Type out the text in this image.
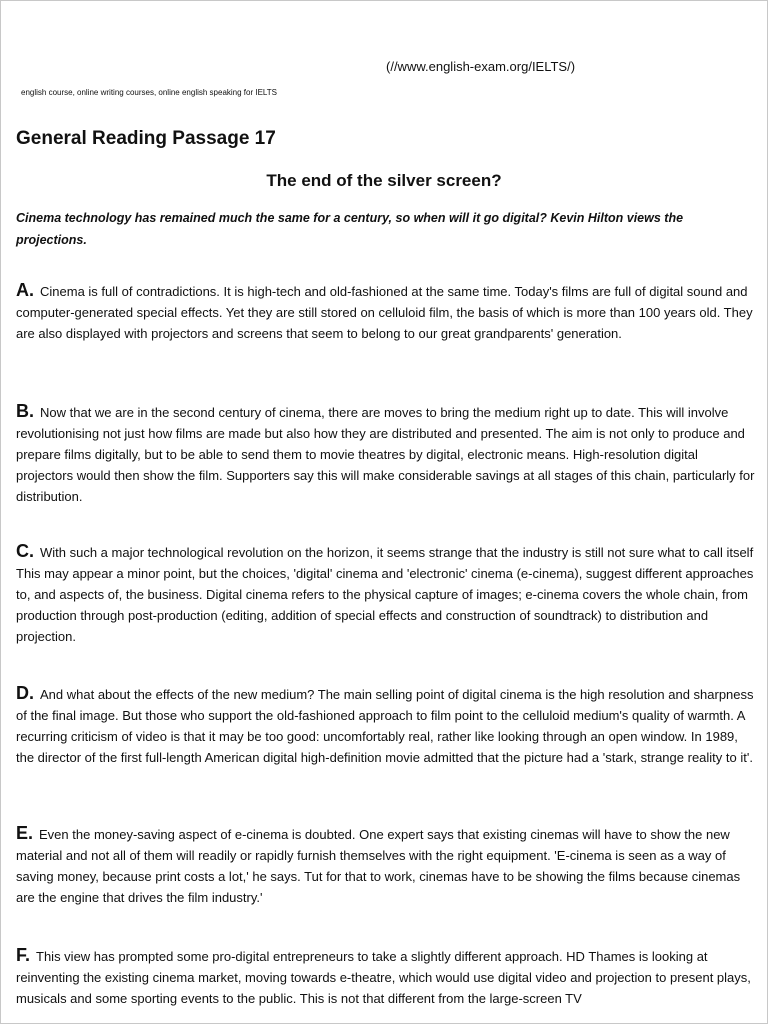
(//www.english-exam.org/IELTS/)
english course, online writing courses, online english speaking for IELTS
General Reading Passage 17
The end of the silver screen?
Cinema technology has remained much the same for a century, so when will it go digital? Kevin Hilton views the projections.

A. Cinema is full of contradictions. It is high-tech and old-fashioned at the same time. Today's films are full of digital sound and computer-generated special effects. Yet they are still stored on celluloid film, the basis of which is more than 100 years old. They are also displayed with projectors and screens that seem to belong to our great grandparents' generation.

B. Now that we are in the second century of cinema, there are moves to bring the medium right up to date. This will involve revolutionising not just how films are made but also how they are distributed and presented. The aim is not only to produce and prepare films digitally, but to be able to send them to movie theatres by digital, electronic means. High-resolution digital projectors would then show the film. Supporters say this will make considerable savings at all stages of this chain, particularly for distribution.

C. With such a major technological revolution on the horizon, it seems strange that the industry is still not sure what to call itself This may appear a minor point, but the choices, 'digital' cinema and 'electronic' cinema (e-cinema), suggest different approaches to, and aspects of, the business. Digital cinema refers to the physical capture of images; e-cinema covers the whole chain, from production through post-production (editing, addition of special effects and construction of soundtrack) to distribution and projection.

D. And what about the effects of the new medium? The main selling point of digital cinema is the high resolution and sharpness of the final image. But those who support the old-fashioned approach to film point to the celluloid medium's quality of warmth. A recurring criticism of video is that it may be too good: uncomfortably real, rather like looking through an open window. In 1989, the director of the first full-length American digital high-definition movie admitted that the picture had a 'stark, strange reality to it'.

E. Even the money-saving aspect of e-cinema is doubted. One expert says that existing cinemas will have to show the new material and not all of them will readily or rapidly furnish themselves with the right equipment. 'E-cinema is seen as a way of saving money, because print costs a lot,' he says. Tut for that to work, cinemas have to be showing the films because cinemas are the engine that drives the film industry.'

F. This view has prompted some pro-digital entrepreneurs to take a slightly different approach. HD Thames is looking at reinventing the existing cinema market, moving towards e-theatre, which would use digital video and projection to present plays, musicals and some sporting events to the public. This is not that different from the large-screen TV
